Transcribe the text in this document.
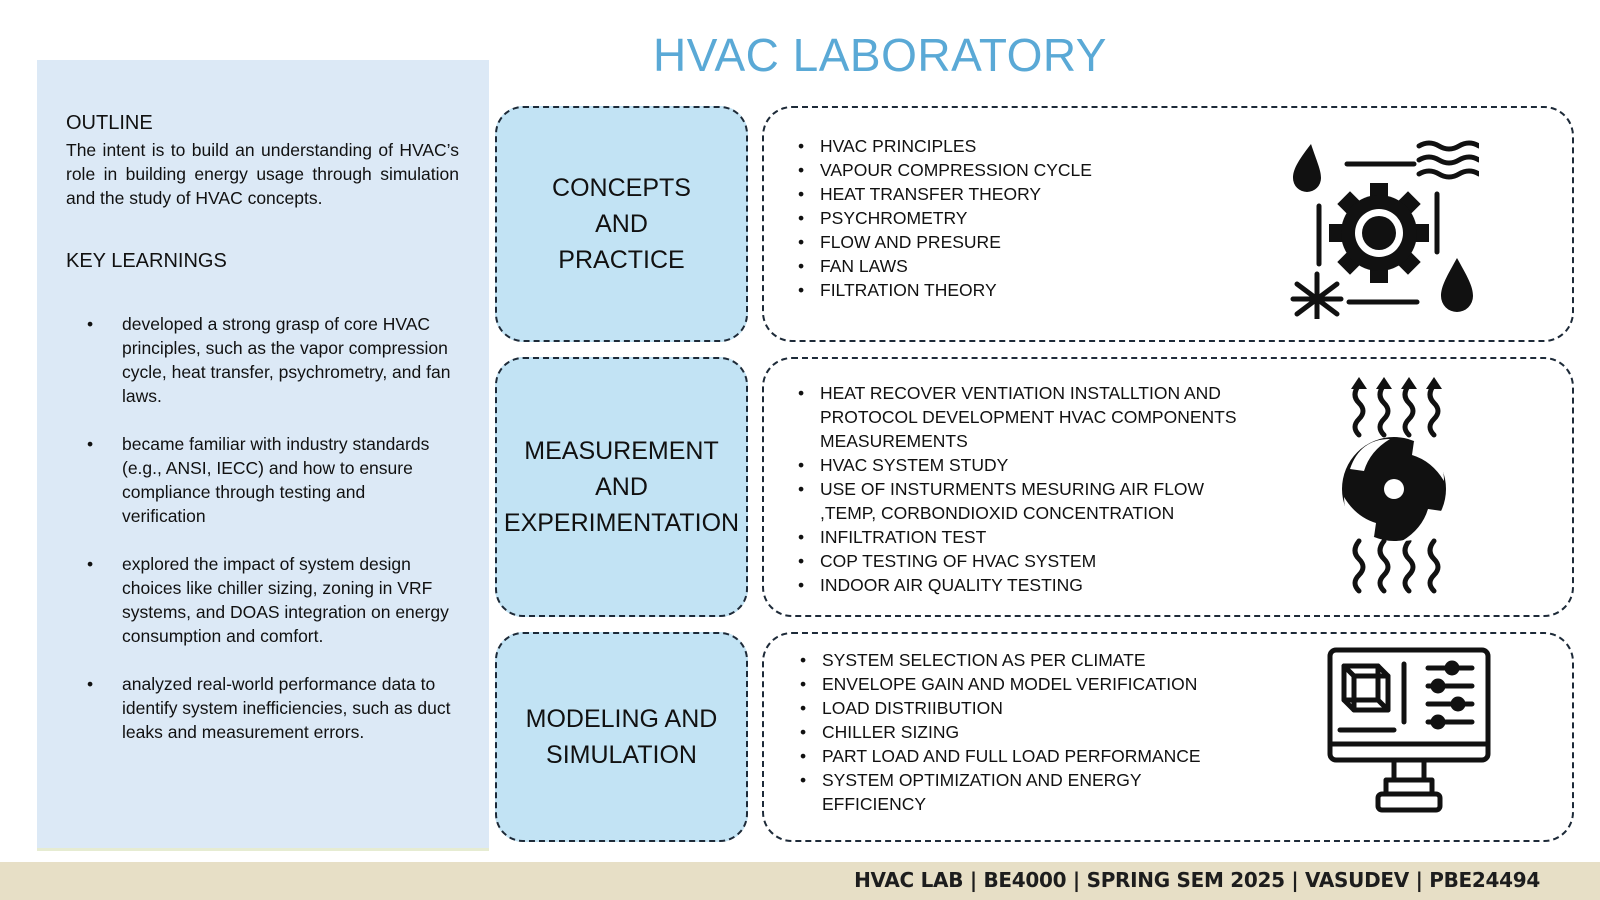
HVAC LABORATORY
OUTLINE
The intent is to build an understanding of HVAC’s role in building energy usage through simulation and the study of HVAC concepts.
KEY LEARNINGS
• developed a strong grasp of core HVAC principles, such as the vapor compression cycle, heat transfer, psychrometry, and fan laws.
• became familiar with industry standards (e.g., ANSI, IECC) and how to ensure compliance through testing and verification
• explored the impact of system design choices like chiller sizing, zoning in VRF systems, and DOAS integration on energy consumption and comfort.
• analyzed real-world performance data to identify system inefficiencies, such as duct leaks and measurement errors.
CONCEPTS
AND
PRACTICE
• HVAC PRINCIPLES
• VAPOUR COMPRESSION CYCLE
• HEAT TRANSFER THEORY
• PSYCHROMETRY
• FLOW AND PRESURE
• FAN LAWS
• FILTRATION THEORY
MEASUREMENT
AND
EXPERIMENTATION
• HEAT RECOVER VENTIATION INSTALLTION AND PROTOCOL DEVELOPMENT HVAC COMPONENTS MEASUREMENTS
• HVAC SYSTEM STUDY
• USE OF INSTURMENTS MESURING AIR FLOW ,TEMP, CORBONDIOXID CONCENTRATION
• INFILTRATION TEST
• COP TESTING OF HVAC SYSTEM
• INDOOR AIR QUALITY TESTING
MODELING AND
SIMULATION
• SYSTEM SELECTION AS PER CLIMATE
• ENVELOPE GAIN AND MODEL VERIFICATION
• LOAD DISTRIIBUTION
• CHILLER SIZING
• PART LOAD AND FULL LOAD PERFORMANCE
• SYSTEM OPTIMIZATION AND ENERGY EFFICIENCY
HVAC LAB | BE4000 | SPRING SEM 2025 | VASUDEV | PBE24494
